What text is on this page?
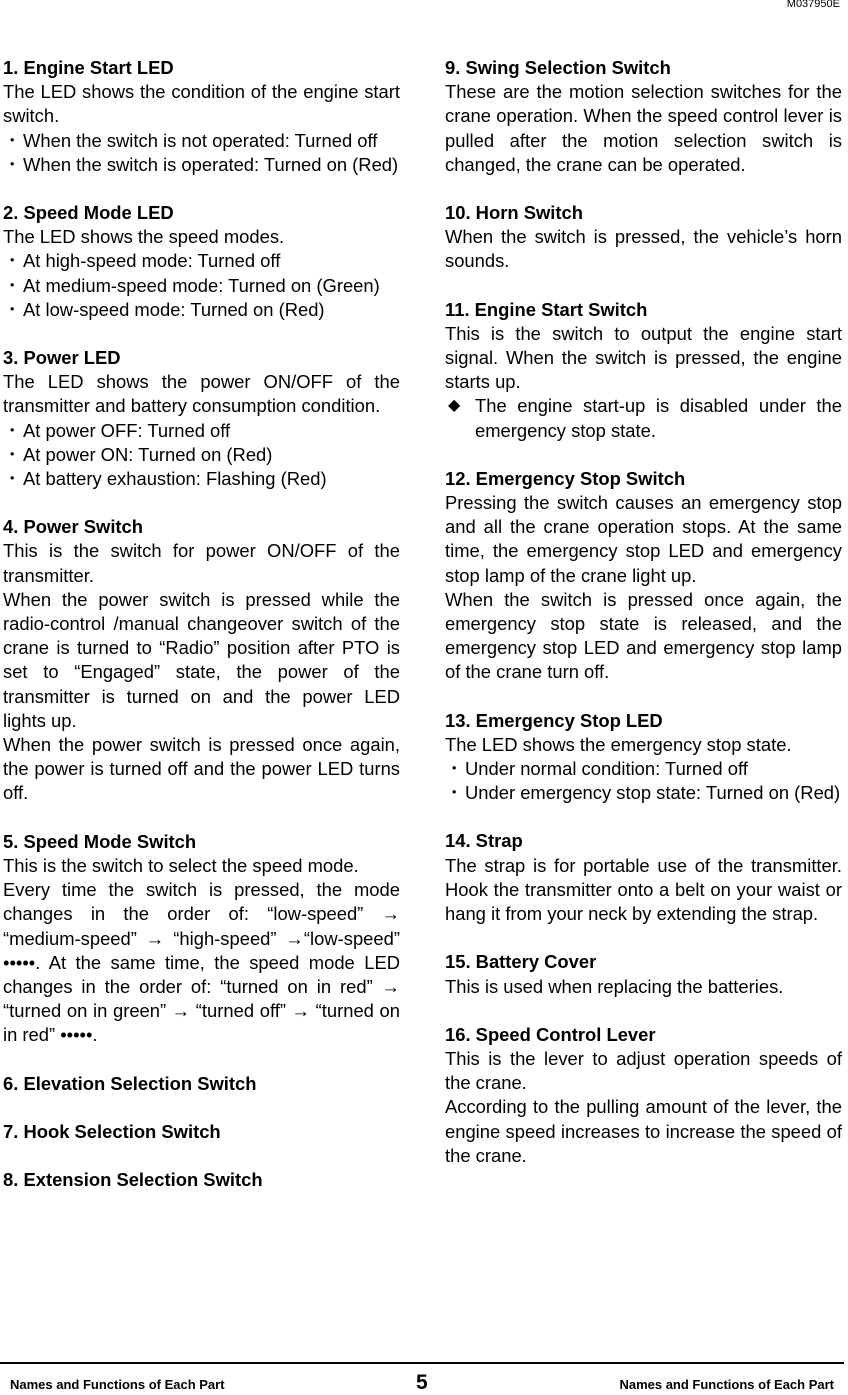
M037950E
1. Engine Start LED
The LED shows the condition of the engine start switch.
・ When the switch is not operated: Turned off
・ When the switch is operated: Turned on (Red)
2. Speed Mode LED
The LED shows the speed modes.
・ At high-speed mode: Turned off
・ At medium-speed mode: Turned on (Green)
・ At low-speed mode: Turned on (Red)
3. Power LED
The LED shows the power ON/OFF of the transmitter and battery consumption condition.
・ At power OFF: Turned off
・ At power ON: Turned on (Red)
・ At battery exhaustion: Flashing (Red)
4. Power Switch
This is the switch for power ON/OFF of the transmitter.
When the power switch is pressed while the radio-control /manual changeover switch of the crane is turned to “Radio” position after PTO is set to “Engaged” state, the power of the transmitter is turned on and the power LED lights up.
When the power switch is pressed once again, the power is turned off and the power LED turns off.
5. Speed Mode Switch
This is the switch to select the speed mode.
Every time the switch is pressed, the mode changes in the order of: “low-speed” → “medium-speed” → “high-speed” →“low-speed” •••••. At the same time, the speed mode LED changes in the order of: “turned on in red” → “turned on in green” → “turned off” → “turned on in red” •••••.
6. Elevation Selection Switch
7. Hook Selection Switch
8. Extension Selection Switch
9. Swing Selection Switch
These are the motion selection switches for the crane operation. When the speed control lever is pulled after the motion selection switch is changed, the crane can be operated.
10. Horn Switch
When the switch is pressed, the vehicle’s horn sounds.
11. Engine Start Switch
This is the switch to output the engine start signal. When the switch is pressed, the engine starts up.
◆ The engine start-up is disabled under the emergency stop state.
12. Emergency Stop Switch
Pressing the switch causes an emergency stop and all the crane operation stops. At the same time, the emergency stop LED and emergency stop lamp of the crane light up.
When the switch is pressed once again, the emergency stop state is released, and the emergency stop LED and emergency stop lamp of the crane turn off.
13. Emergency Stop LED
The LED shows the emergency stop state.
・ Under normal condition: Turned off
・ Under emergency stop state: Turned on (Red)
14. Strap
The strap is for portable use of the transmitter. Hook the transmitter onto a belt on your waist or hang it from your neck by extending the strap.
15. Battery Cover
This is used when replacing the batteries.
16. Speed Control Lever
This is the lever to adjust operation speeds of the crane.
According to the pulling amount of the lever, the engine speed increases to increase the speed of the crane.
Names and Functions of Each Part	5	Names and Functions of Each Part
